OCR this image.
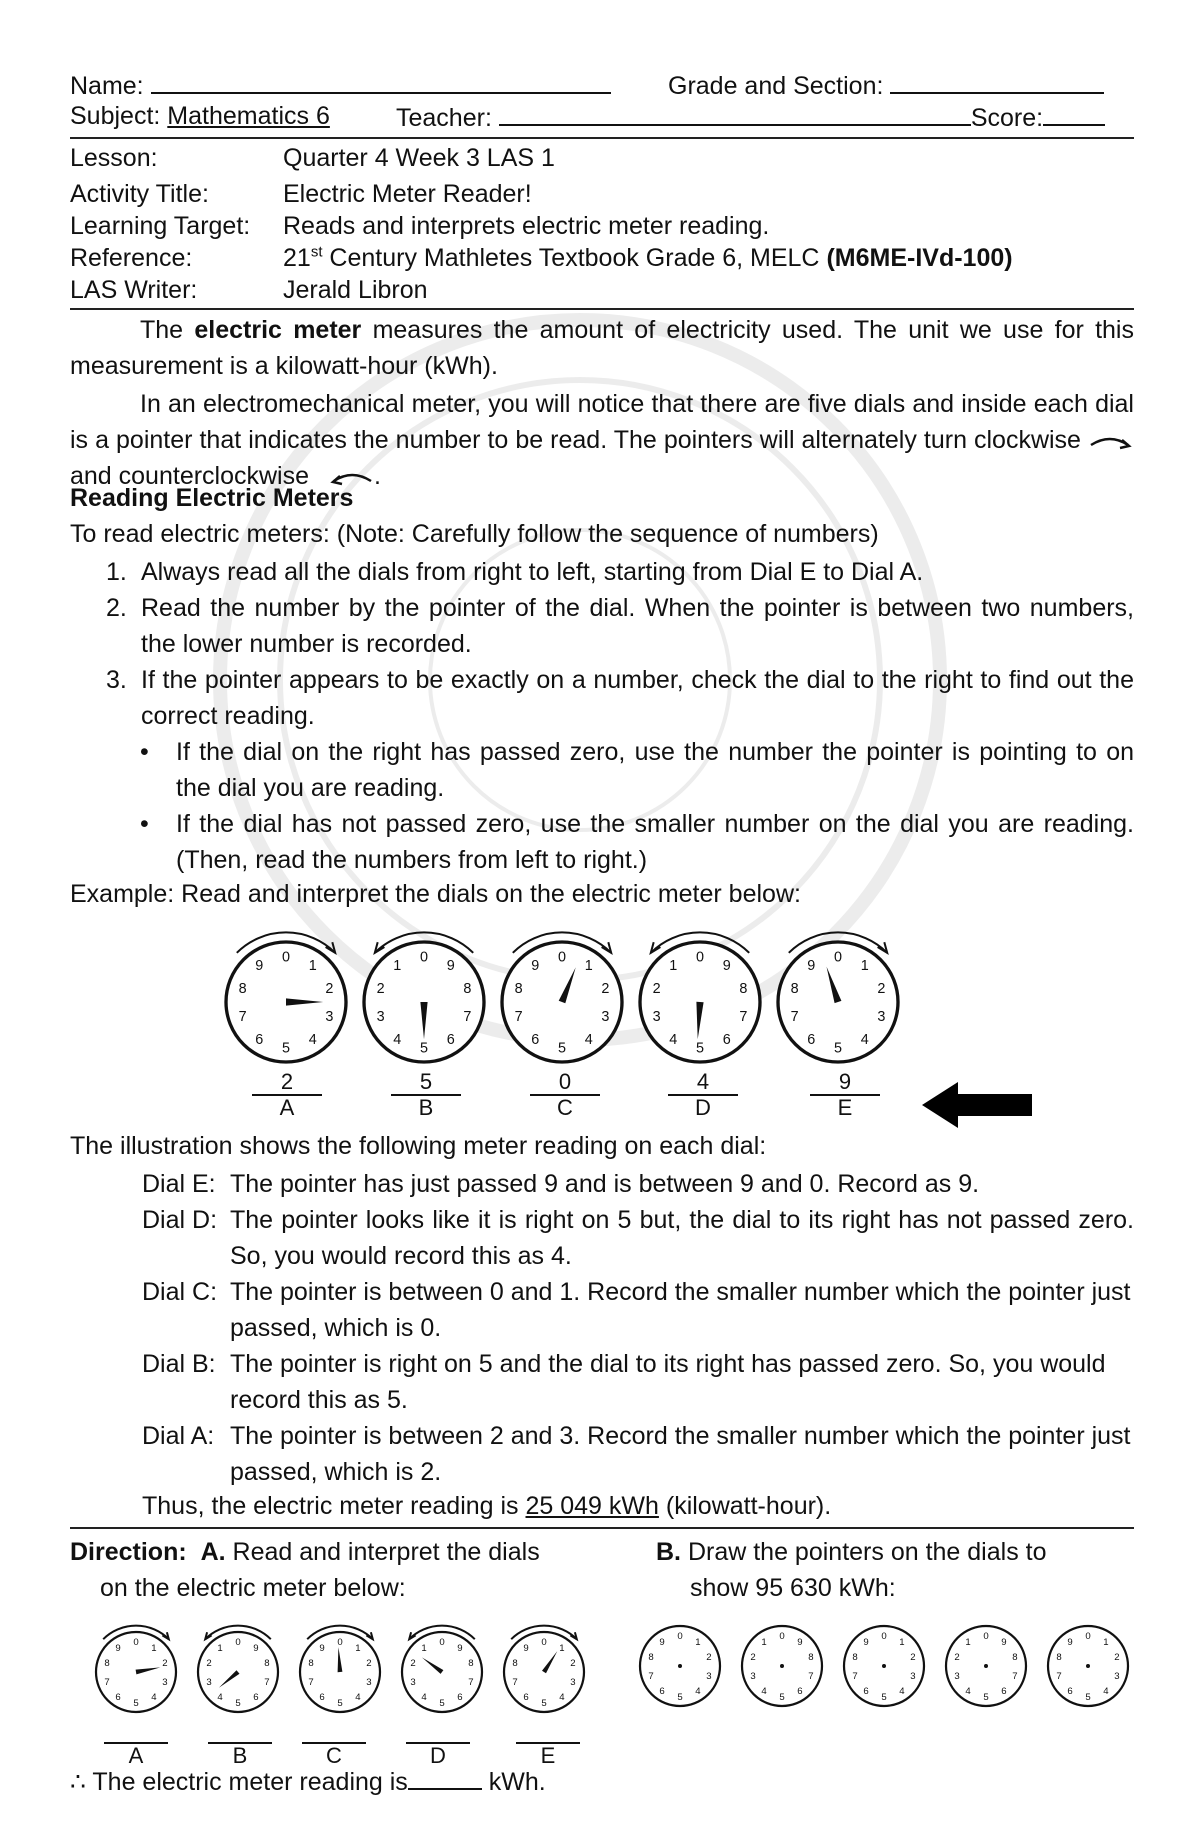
Name:	Grade and Section:
Subject: Mathematics 6	Teacher:	Score:
Lesson:	Quarter 4 Week 3 LAS 1
Activity Title:	Electric Meter Reader!
Learning Target: Reads and interprets electric meter reading.
Reference:	21st Century Mathletes Textbook Grade 6, MELC (M6ME-IVd-100)
LAS Writer:	Jerald Libron

The electric meter measures the amount of electricity used. The unit we use for this measurement is a kilowatt-hour (kWh).

In an electromechanical meter, you will notice that there are five dials and inside each dial is a pointer that indicates the number to be read. The pointers will alternately turn clockwise  and counterclockwise	.

Reading Electric Meters
To read electric meters: (Note: Carefully follow the sequence of numbers)
1. Always read all the dials from right to left, starting from Dial E to Dial A.
2. Read the number by the pointer of the dial. When the pointer is between two numbers, the lower number is recorded.
3. If the pointer appears to be exactly on a number, check the dial to the right to find out the correct reading.
•	If the dial on the right has passed zero, use the number the pointer is pointing to on the dial you are reading.
•	If the dial has not passed zero, use the smaller number on the dial you are reading. (Then, read the numbers from left to right.)
Example: Read and interpret the dials on the electric meter below:
0
1
2
3
4
5
6
7
8
9
0
1
2
3
4
5
6
7
8
9
0
1
2
3
4
5
6
7
8
9
0
1
2
3
4
5
6
7
8
9
0
1
2
3
4
5
6
7
8
9
2
A
5
B
0
C
4
D
9
E
The illustration shows the following meter reading on each dial:
Dial E: The pointer has just passed 9 and is between 9 and 0. Record as 9.
Dial D: The pointer looks like it is right on 5 but, the dial to its right has not passed zero. So, you would record this as 4.
Dial C: The pointer is between 0 and 1. Record the smaller number which the pointer just passed, which is 0.
Dial B: The pointer is right on 5 and the dial to its right has passed zero. So, you would record this as 5.
Dial A: The pointer is between 2 and 3. Record the smaller number which the pointer just passed, which is 2.
Thus, the electric meter reading is 25 049 kWh (kilowatt-hour).
Direction: A. Read and interpret the dials
on the electric meter below:
B. Draw the pointers on the dials to
show 95 630 kWh:
0
1
2
3
4
5
6
7
8
9
0
1
2
3
4
5
6
7
8
9
0
1
2
3
4
5
6
7
8
9
0
1
2
3
4
5
6
7
8
9
0
1
2
3
4
5
6
7
8
9
0
1
2
3
4
5
6
7
8
9
0
1
2
3
4
5
6
7
8
9
0
1
2
3
4
5
6
7
8
9
0
1
2
3
4
5
6
7
8
9
0
1
2
3
4
5
6
7
8
9
A	B	C	D	E
∴ The electric meter reading is	kWh.
